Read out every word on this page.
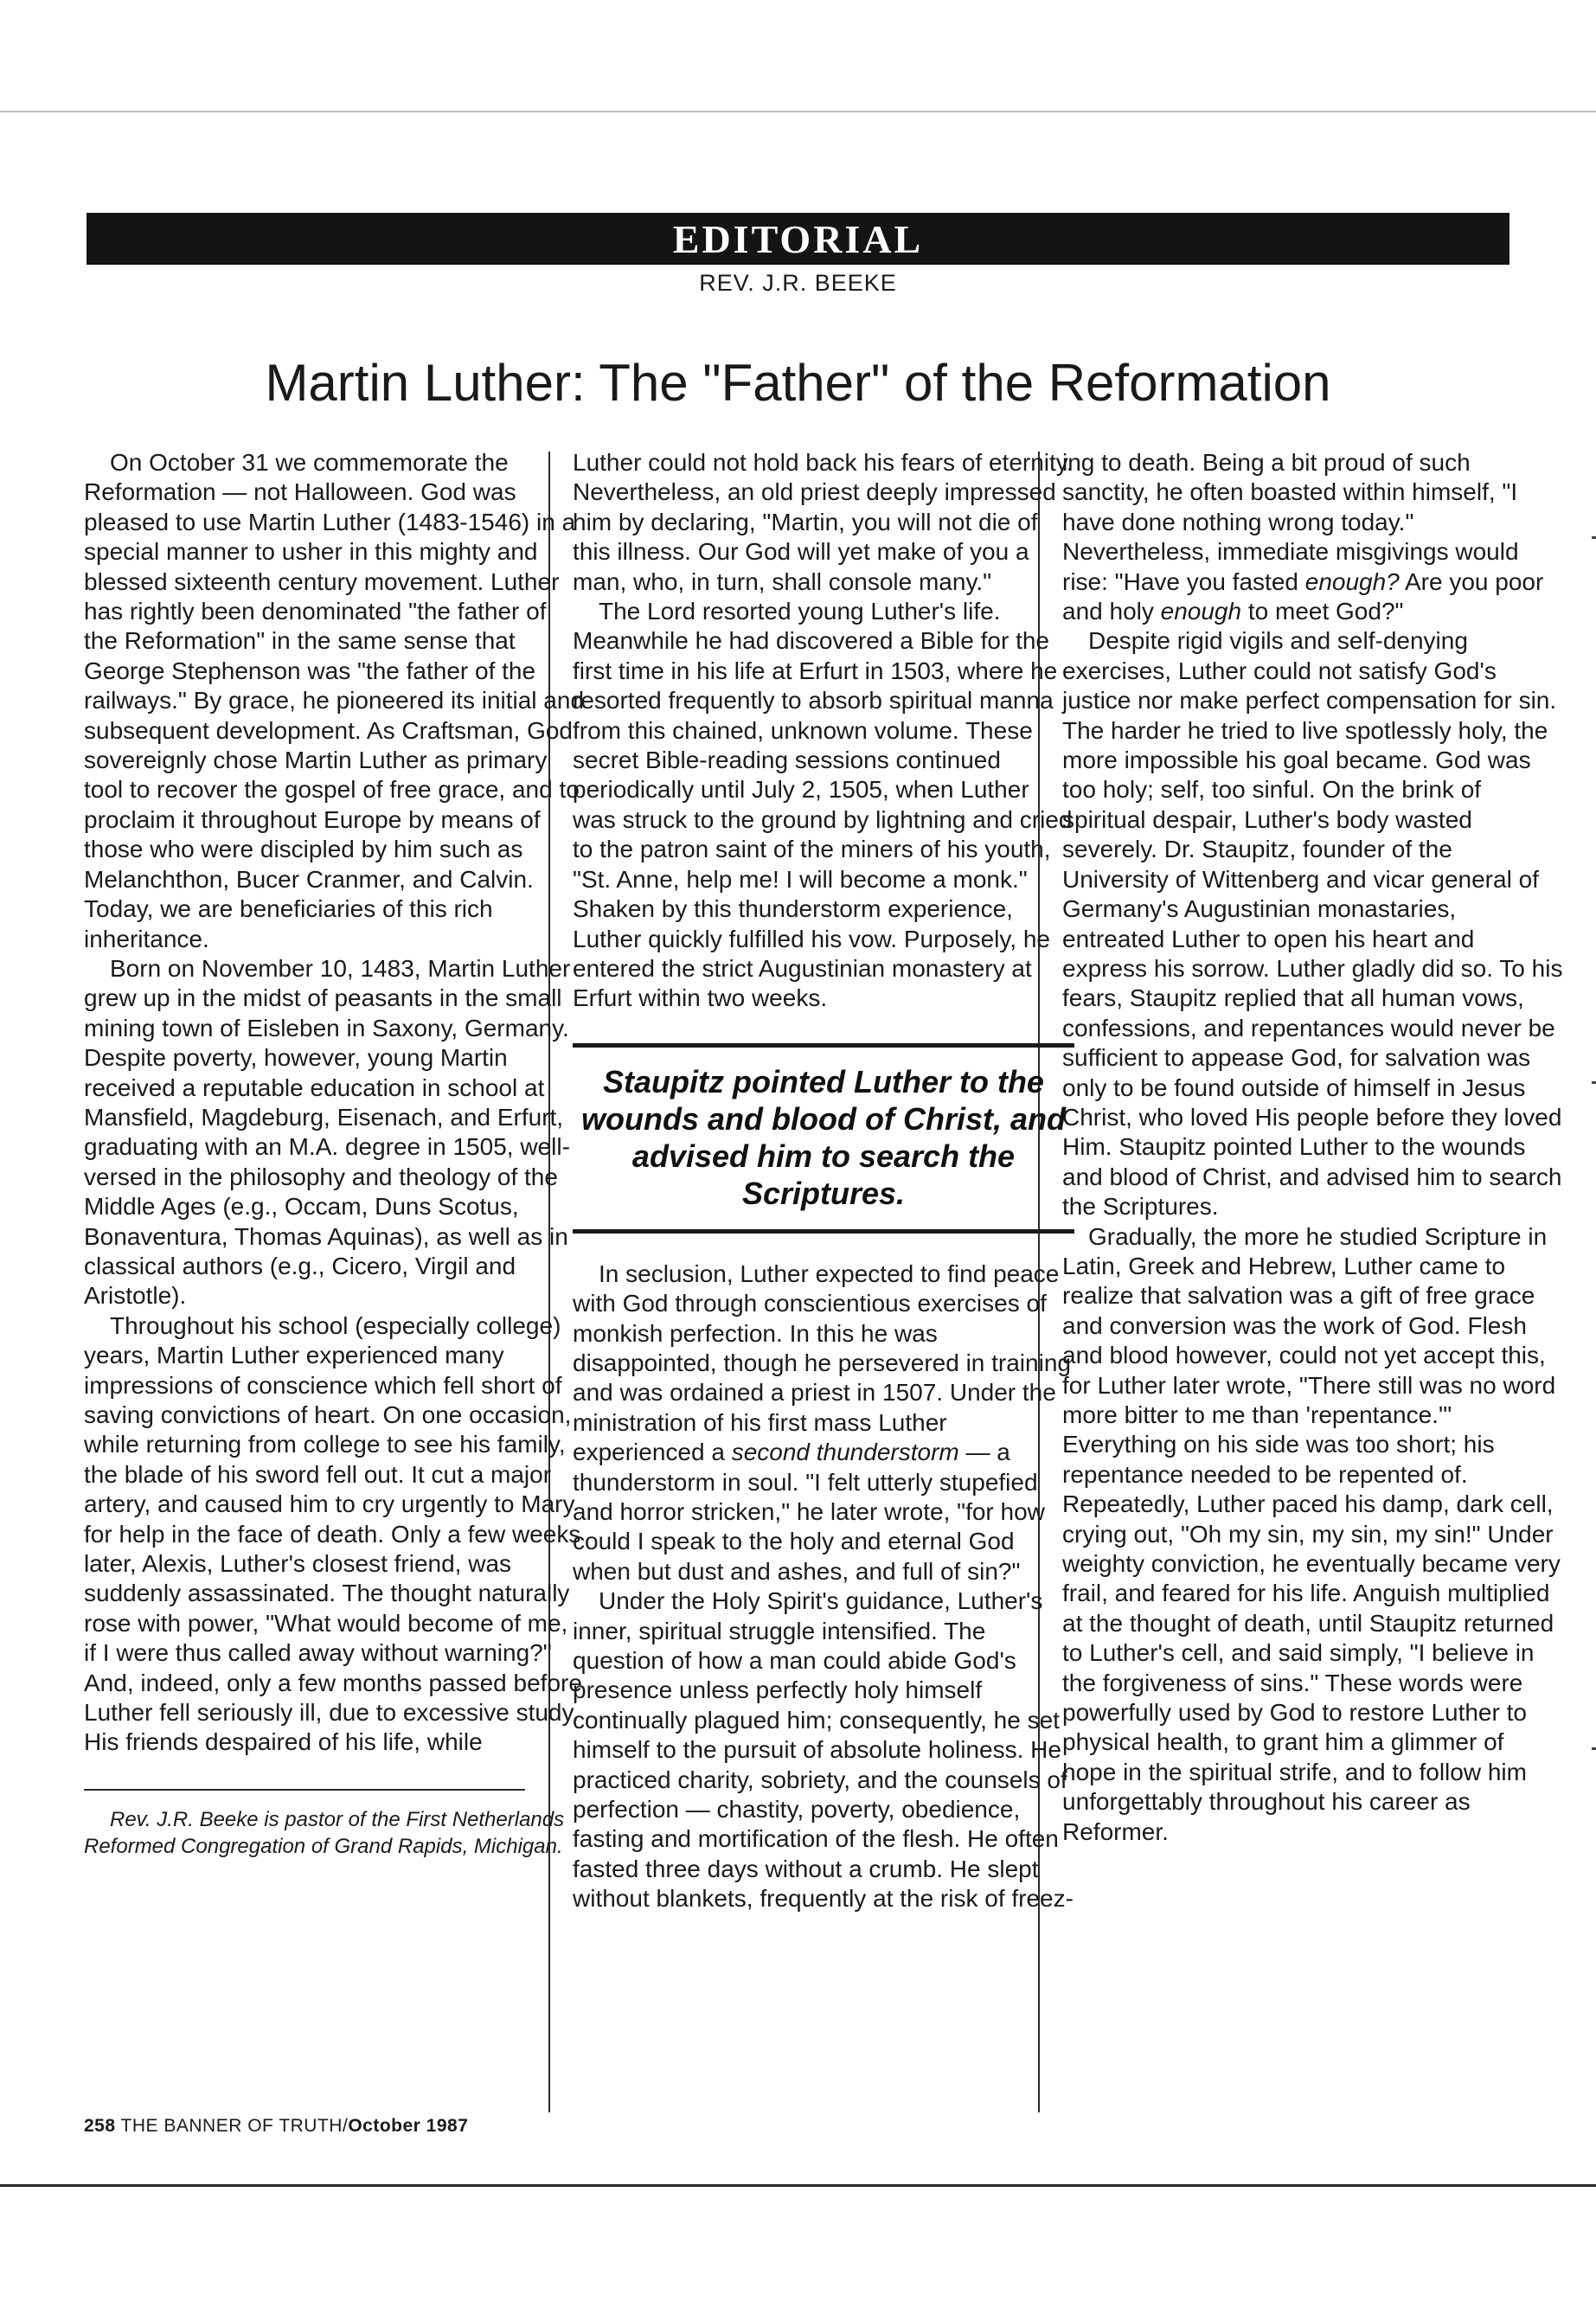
EDITORIAL
REV. J.R. BEEKE
Martin Luther: The "Father" of the Reformation

On October 31 we commemorate the Reformation — not Halloween. God was pleased to use Martin Luther (1483-1546) in a special manner to usher in this mighty and blessed sixteenth century movement. Luther has rightly been denominated "the father of the Reformation" in the same sense that George Stephenson was "the father of the railways." By grace, he pioneered its initial and subsequent development. As Craftsman, God sovereignly chose Martin Luther as primary tool to recover the gospel of free grace, and to proclaim it throughout Europe by means of those who were discipled by him such as Melanchthon, Bucer Cranmer, and Calvin. Today, we are beneficiaries of this rich inheritance.

Born on November 10, 1483, Martin Luther grew up in the midst of peasants in the small mining town of Eisleben in Saxony, Germany. Despite poverty, however, young Martin received a reputable education in school at Mansfield, Magdeburg, Eisenach, and Erfurt, graduating with an M.A. degree in 1505, well-versed in the philosophy and theology of the Middle Ages (e.g., Occam, Duns Scotus, Bonaventura, Thomas Aquinas), as well as in classical authors (e.g., Cicero, Virgil and Aristotle).

Throughout his school (especially college) years, Martin Luther experienced many impressions of conscience which fell short of saving convictions of heart. On one occasion, while returning from college to see his family, the blade of his sword fell out. It cut a major artery, and caused him to cry urgently to Mary for help in the face of death. Only a few weeks later, Alexis, Luther's closest friend, was suddenly assassinated. The thought naturally rose with power, "What would become of me, if I were thus called away without warning?" And, indeed, only a few months passed before Luther fell seriously ill, due to excessive study. His friends despaired of his life, while

Rev. J.R. Beeke is pastor of the First Netherlands Reformed Congregation of Grand Rapids, Michigan.

Luther could not hold back his fears of eternity. Nevertheless, an old priest deeply impressed him by declaring, "Martin, you will not die of this illness. Our God will yet make of you a man, who, in turn, shall console many."

The Lord resorted young Luther's life. Meanwhile he had discovered a Bible for the first time in his life at Erfurt in 1503, where he resorted frequently to absorb spiritual manna from this chained, unknown volume. These secret Bible-reading sessions continued periodically until July 2, 1505, when Luther was struck to the ground by lightning and cried to the patron saint of the miners of his youth, "St. Anne, help me! I will become a monk." Shaken by this thunderstorm experience, Luther quickly fulfilled his vow. Purposely, he entered the strict Augustinian monastery at Erfurt within two weeks.

Staupitz pointed Luther to the wounds and blood of Christ, and advised him to search the Scriptures.

In seclusion, Luther expected to find peace with God through conscientious exercises of monkish perfection. In this he was disappointed, though he persevered in training and was ordained a priest in 1507. Under the ministration of his first mass Luther experienced a second thunderstorm — a thunderstorm in soul. "I felt utterly stupefied and horror stricken," he later wrote, "for how could I speak to the holy and eternal God when but dust and ashes, and full of sin?"

Under the Holy Spirit's guidance, Luther's inner, spiritual struggle intensified. The question of how a man could abide God's presence unless perfectly holy himself continually plagued him; consequently, he set himself to the pursuit of absolute holiness. He practiced charity, sobriety, and the counsels of perfection — chastity, poverty, obedience, fasting and mortification of the flesh. He often fasted three days without a crumb. He slept without blankets, frequently at the risk of freez-

ing to death. Being a bit proud of such sanctity, he often boasted within himself, "I have done nothing wrong today." Nevertheless, immediate misgivings would rise: "Have you fasted enough? Are you poor and holy enough to meet God?"

Despite rigid vigils and self-denying exercises, Luther could not satisfy God's justice nor make perfect compensation for sin. The harder he tried to live spotlessly holy, the more impossible his goal became. God was too holy; self, too sinful. On the brink of spiritual despair, Luther's body wasted severely. Dr. Staupitz, founder of the University of Wittenberg and vicar general of Germany's Augustinian monastaries, entreated Luther to open his heart and express his sorrow. Luther gladly did so. To his fears, Staupitz replied that all human vows, confessions, and repentances would never be sufficient to appease God, for salvation was only to be found outside of himself in Jesus Christ, who loved His people before they loved Him. Staupitz pointed Luther to the wounds and blood of Christ, and advised him to search the Scriptures.

Gradually, the more he studied Scripture in Latin, Greek and Hebrew, Luther came to realize that salvation was a gift of free grace and conversion was the work of God. Flesh and blood however, could not yet accept this, for Luther later wrote, "There still was no word more bitter to me than 'repentance.'" Everything on his side was too short; his repentance needed to be repented of. Repeatedly, Luther paced his damp, dark cell, crying out, "Oh my sin, my sin, my sin!" Under weighty conviction, he eventually became very frail, and feared for his life. Anguish multiplied at the thought of death, until Staupitz returned to Luther's cell, and said simply, "I believe in the forgiveness of sins." These words were powerfully used by God to restore Luther to physical health, to grant him a glimmer of hope in the spiritual strife, and to follow him unforgettably throughout his career as Reformer.

258 THE BANNER OF TRUTH/October 1987
